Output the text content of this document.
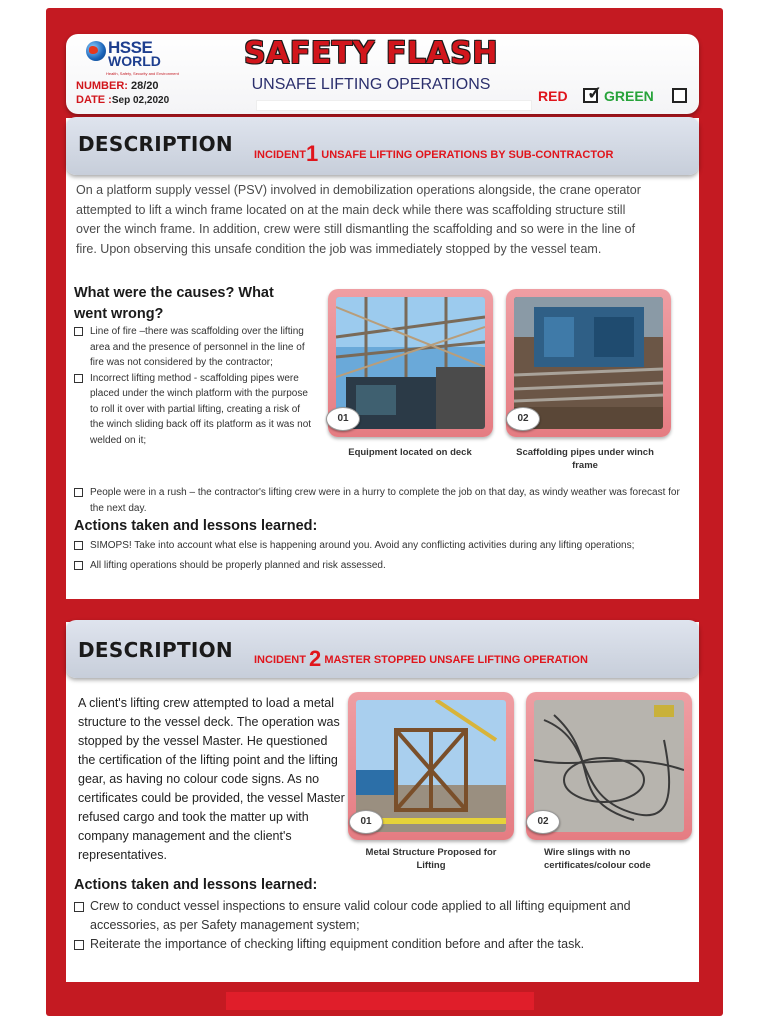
HSSE
WORLD
Health, Safety, Security and Environment
NUMBER: 28/20
DATE :Sep 02,2020
SAFETY FLASH
UNSAFE LIFTING OPERATIONS
RED ✓ GREEN
DESCRIPTION INCIDENT1 UNSAFE LIFTING OPERATIONS BY SUB-CONTRACTOR
On a platform supply vessel (PSV) involved in demobilization operations alongside, the crane operator attempted to lift a winch frame located on at the main deck while there was scaffolding structure still over the winch frame. In addition, crew were still dismantling the scaffolding and so were in the line of fire. Upon observing this unsafe condition the job was immediately stopped by the vessel team.
What were the causes? What went wrong?
Line of fire –there was scaffolding over the lifting area and the presence of personnel in the line of fire was not considered by the contractor;
Incorrect lifting method - scaffolding pipes were placed under the winch platform with the purpose to roll it over with partial lifting, creating a risk of the winch sliding back off its platform as it was not welded on it;
People were in a rush – the contractor's lifting crew were in a hurry to complete the job on that day, as windy weather was forecast for the next day.
01
Equipment located on deck
02
Scaffolding pipes under winch frame
Actions taken and lessons learned:
SIMOPS! Take into account what else is happening around you. Avoid any conflicting activities during any lifting operations;
All lifting operations should be properly planned and risk assessed.
DESCRIPTION INCIDENT 2 MASTER STOPPED UNSAFE LIFTING OPERATION
A client's lifting crew attempted to load a metal structure to the vessel deck. The operation was stopped by the vessel Master. He questioned the certification of the lifting point and the lifting gear, as having no colour code signs. As no certificates could be provided, the vessel Master refused cargo and took the matter up with company management and the client's representatives.
01
Metal Structure Proposed for Lifting
02
Wire slings with no certificates/colour code
Actions taken and lessons learned:
Crew to conduct vessel inspections to ensure valid colour code applied to all lifting equipment and accessories, as per Safety management system;
Reiterate the importance of checking lifting equipment condition before and after the task.
